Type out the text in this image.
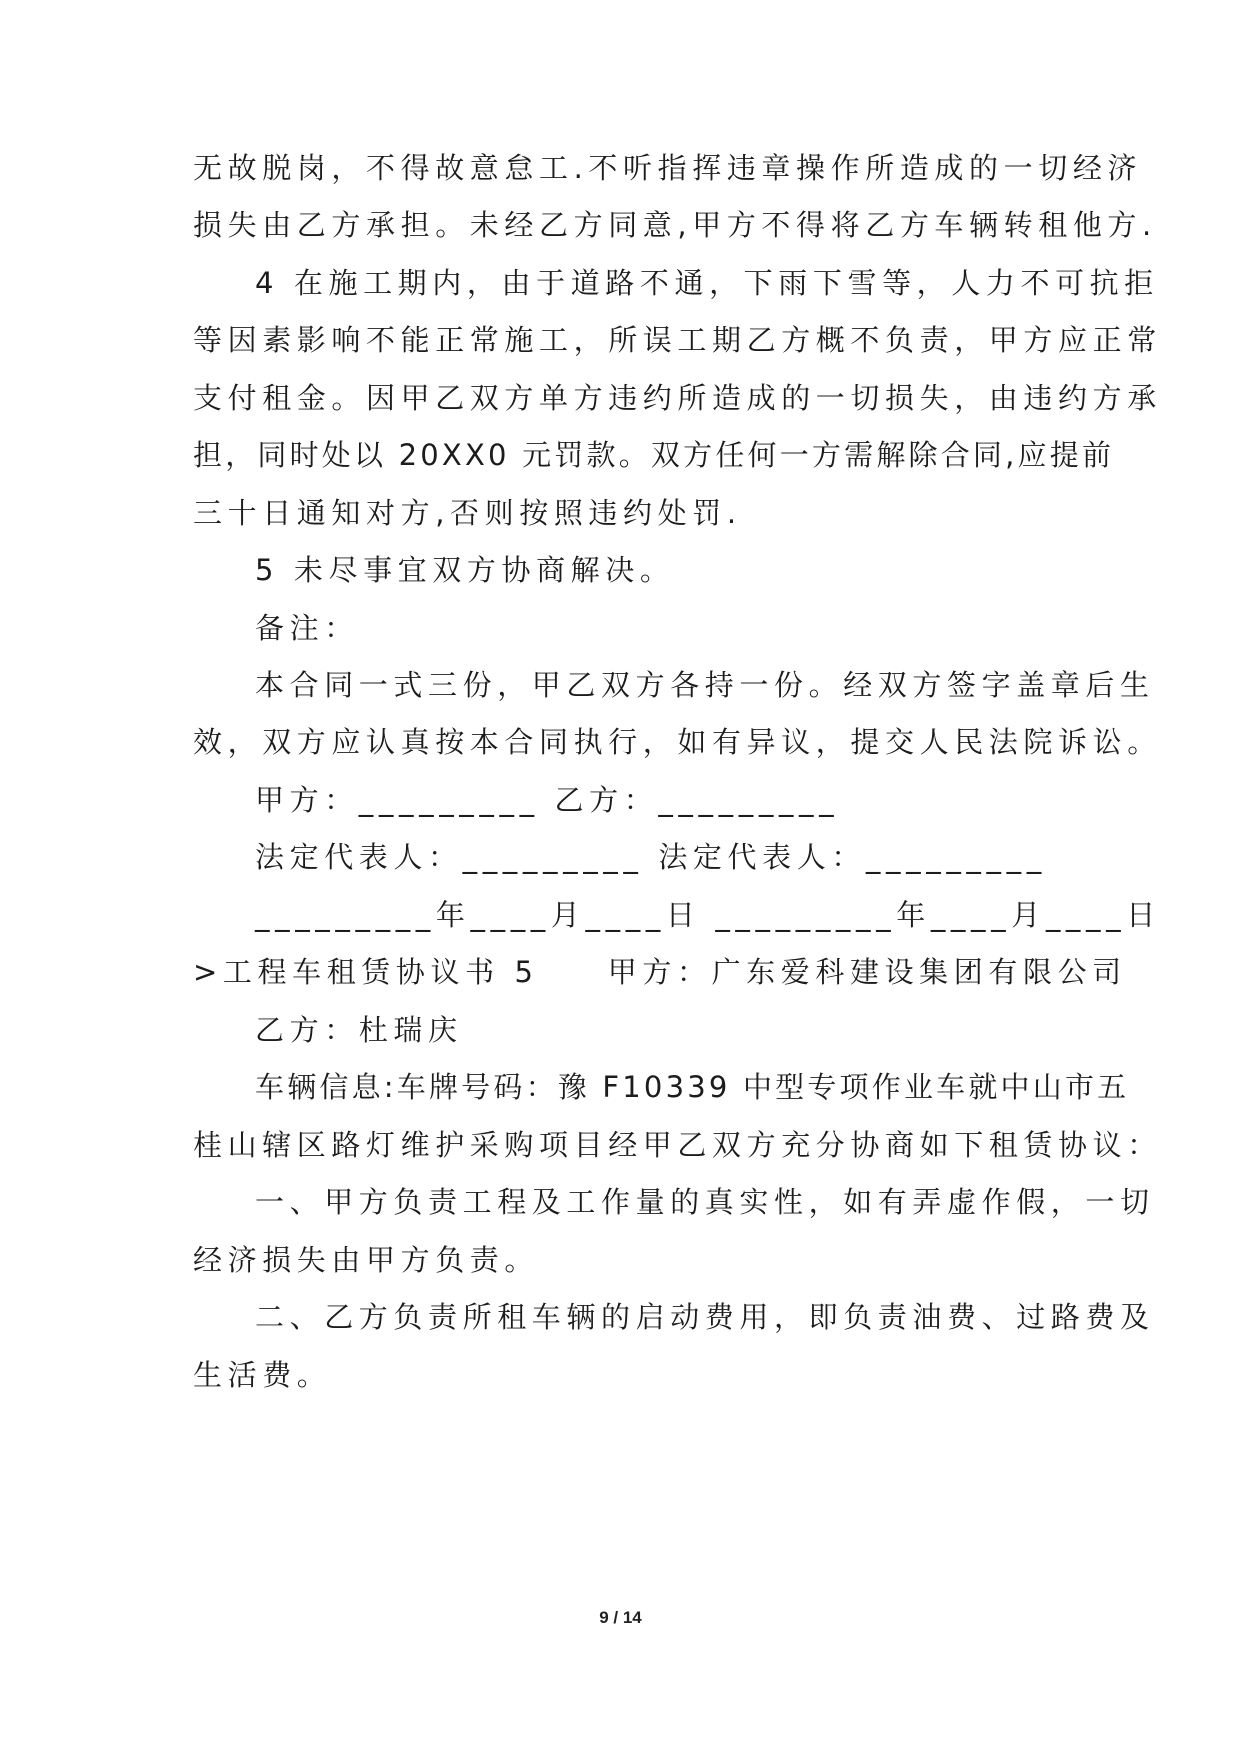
无故脱岗，不得故意怠工.不听指挥违章操作所造成的一切经济
损失由乙方承担。未经乙方同意,甲方不得将乙方车辆转租他方.
4 在施工期内，由于道路不通，下雨下雪等，人力不可抗拒
等因素影响不能正常施工，所误工期乙方概不负责，甲方应正常
支付租金。因甲乙双方单方违约所造成的一切损失，由违约方承
担，同时处以 20XX0 元罚款。双方任何一方需解除合同,应提前
三十日通知对方,否则按照违约处罚.
5 未尽事宜双方协商解决。
备注：
本合同一式三份，甲乙双方各持一份。经双方签字盖章后生
效，双方应认真按本合同执行，如有异议，提交人民法院诉讼。
甲方：_________ 乙方：_________
法定代表人：_________ 法定代表人：_________
_________年____月____日 _________年____月____日
>工程车租赁协议书 5　　甲方：广东爱科建设集团有限公司
乙方：杜瑞庆
车辆信息:车牌号码：豫 F10339 中型专项作业车就中山市五
桂山辖区路灯维护采购项目经甲乙双方充分协商如下租赁协议：
一、甲方负责工程及工作量的真实性，如有弄虚作假，一切
经济损失由甲方负责。
二、乙方负责所租车辆的启动费用，即负责油费、过路费及
生活费。
9 / 14
